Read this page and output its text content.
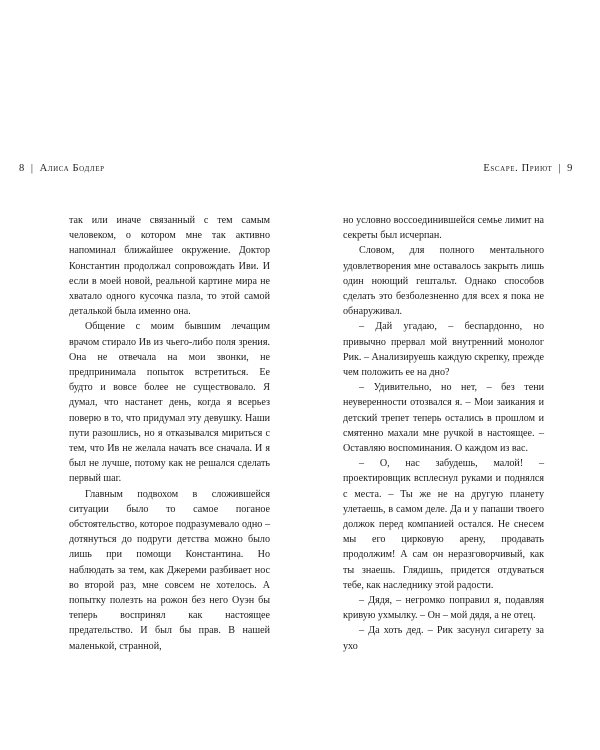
8 | Алиса Бодлер

так или иначе связанный с тем самым человеком, о котором мне так активно напоминал ближайшее окружение. Доктор Константин продолжал сопровождать Иви. И если в моей новой, реальной картине мира не хватало одного кусочка пазла, то этой самой деталькой была именно она.

Общение с моим бывшим лечащим врачом стирало Ив из чьего-либо поля зрения. Она не отвечала на мои звонки, не предпринимала попыток встретиться. Ее будто и вовсе более не существовало. Я думал, что настанет день, когда я всерьез поверю в то, что придумал эту девушку. Наши пути разошлись, но я отказывался мириться с тем, что Ив не желала начать все сначала. И я был не лучше, потому как не решался сделать первый шаг.

Главным подвохом в сложившейся ситуации было то самое поганое обстоятельство, которое подразумевало одно – дотянуться до подруги детства можно было лишь при помощи Константина. Но наблюдать за тем, как Джереми разбивает нос во второй раз, мне совсем не хотелось. А попытку полезть на рожон без него Оуэн бы теперь воспринял как настоящее предательство. И был бы прав. В нашей маленькой, странной,

Escape. Приют | 9

но условно воссоединившейся семье лимит на секреты был исчерпан.

Словом, для полного ментального удовлетворения мне оставалось закрыть лишь один ноющий гештальт. Однако способов сделать это безболезненно для всех я пока не обнаруживал.

– Дай угадаю, – беспардонно, но привычно прервал мой внутренний монолог Рик. – Анализируешь каждую скрепку, прежде чем положить ее на дно?

– Удивительно, но нет, – без тени неуверенности отозвался я. – Мои заикания и детский трепет теперь остались в прошлом и смятенно махали мне ручкой в настоящее. – Оставляю воспоминания. О каждом из вас.

– О, нас забудешь, малой! – проектировщик всплеснул руками и поднялся с места. – Ты же не на другую планету улетаешь, в самом деле. Да и у папаши твоего должок перед компанией остался. Не снесем мы его цирковую арену, продавать продолжим! А сам он неразговорчивый, как ты знаешь. Глядишь, придется отдуваться тебе, как наследнику этой радости.

– Дядя, – негромко поправил я, подавляя кривую ухмылку. – Он – мой дядя, а не отец.

– Да хоть дед. – Рик засунул сигарету за ухо
